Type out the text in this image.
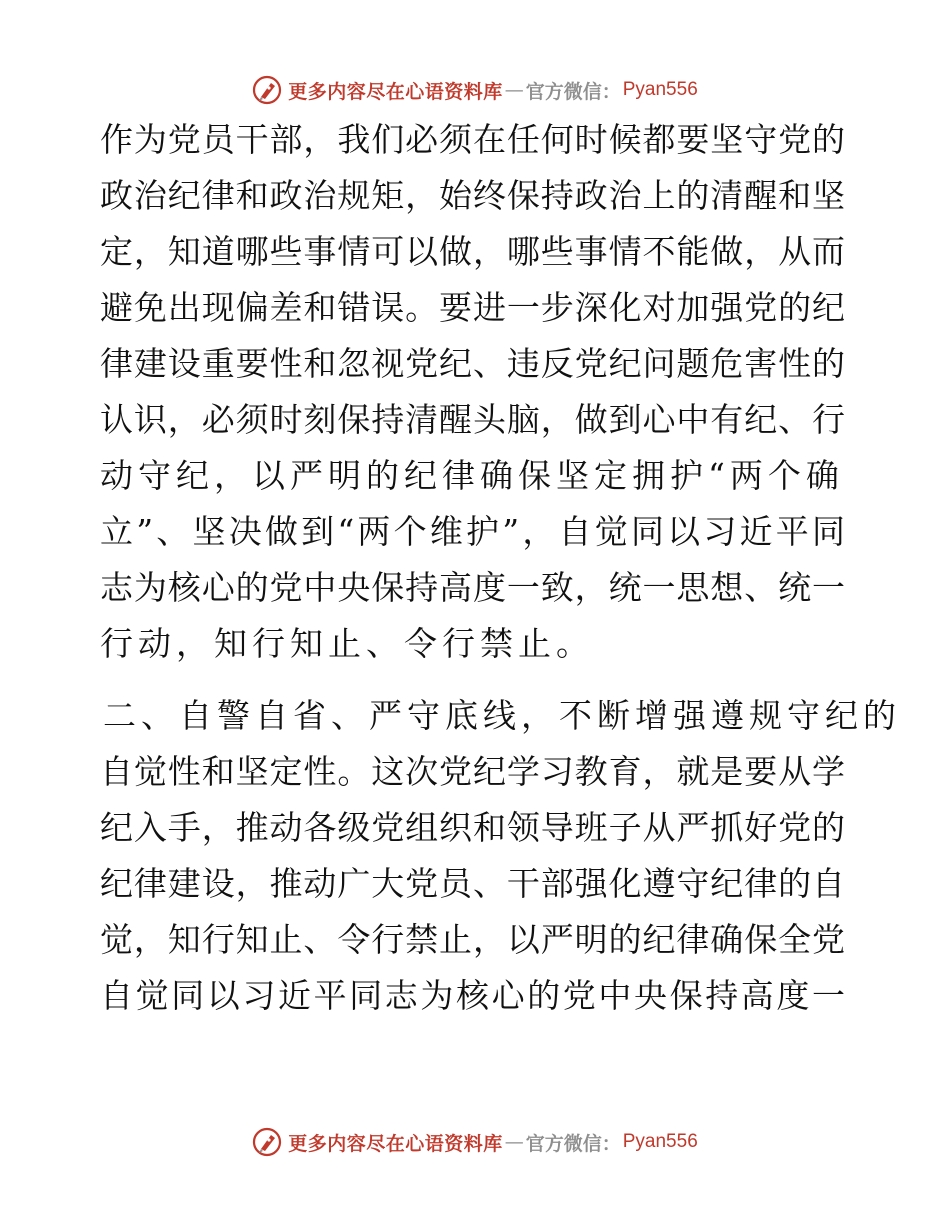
更多内容尽在心语资料库 — 官方微信： Pyan556
作为党员干部，我们必须在任何时候都要坚守党的
政治纪律和政治规矩，始终保持政治上的清醒和坚
定，知道哪些事情可以做，哪些事情不能做，从而
避免出现偏差和错误。要进一步深化对加强党的纪
律建设重要性和忽视党纪、违反党纪问题危害性的
认识，必须时刻保持清醒头脑，做到心中有纪、行
动守纪，以严明的纪律确保坚定拥护“两个确
立”、坚决做到“两个维护”，自觉同以习近平同
志为核心的党中央保持高度一致，统一思想、统一
行动，知行知止、令行禁止。
二、自警自省、严守底线，不断增强遵规守纪的
自觉性和坚定性。这次党纪学习教育，就是要从学
纪入手，推动各级党组织和领导班子从严抓好党的
纪律建设，推动广大党员、干部强化遵守纪律的自
觉，知行知止、令行禁止，以严明的纪律确保全党
自觉同以习近平同志为核心的党中央保持高度一
更多内容尽在心语资料库 — 官方微信： Pyan556
